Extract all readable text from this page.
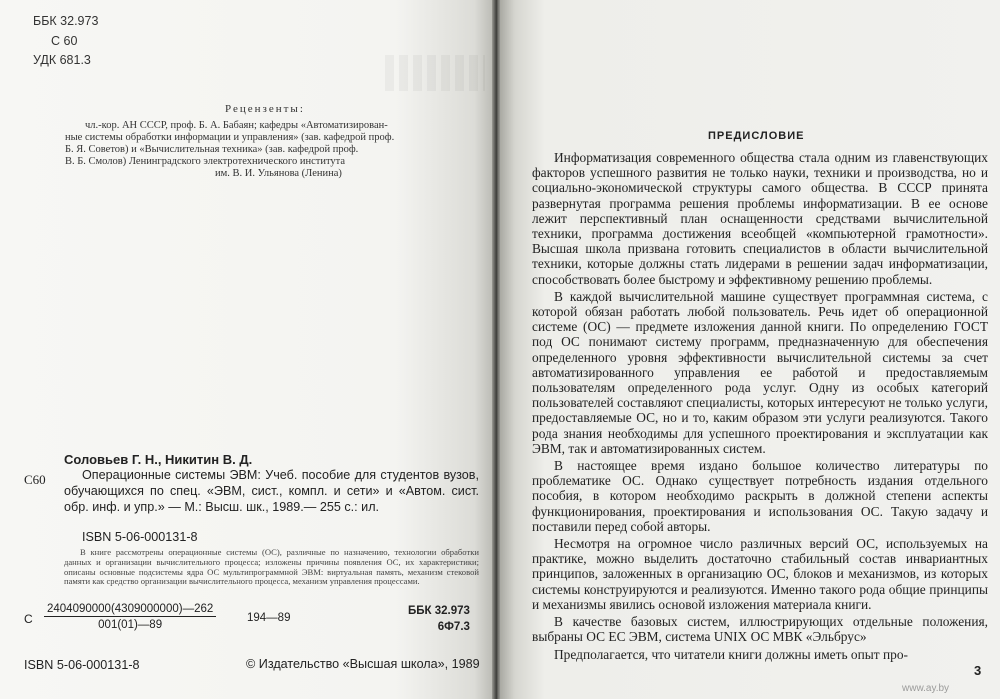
ББК 32.973
С 60
УДК 681.3
Рецензенты:
чл.-кор. АН СССР, проф. Б. А. Бабаян; кафедры «Автоматизирован-
ные системы обработки информации и управления» (зав. кафедрой проф.
Б. Я. Советов) и «Вычислительная техника» (зав. кафедрой проф.
В. Б. Смолов) Ленинградского электротехнического института
им. В. И. Ульянова (Ленина)
С60
Соловьев Г. Н., Никитин В. Д.
Операционные системы ЭВМ: Учеб. пособие для студентов вузов, обучающихся по спец. «ЭВМ, сист., компл. и сети» и «Автом. сист. обр. инф. и упр.» — М.: Высш. шк., 1989.— 255 с.: ил.
ISBN 5-06-000131-8
В книге рассмотрены операционные системы (ОС), различные по назначению, технологии обработки данных и организации вычислительного процесса; изложены причины появления ОС, их характеристики; описаны основные подсистемы ядра ОС мультипрограммной ЭВМ: виртуальная память, механизм стековой памяти как средство организации вычислительного процесса, механизм управления процессами.
С $\frac{2404090000(4309000000)—262}{001(01)—89}$	194—89
ББК 32.973
6Ф7.3
ISBN 5-06-000131-8	© Издательство «Высшая школа», 1989
ПРЕДИСЛОВИЕ

Информатизация современного общества стала одним из главенствующих факторов успешного развития не только науки, техники и производства, но и социально-экономической структуры самого общества. В СССР принята развернутая программа решения проблемы информатизации. В ее основе лежит перспективный план оснащенности средствами вычислительной техники, программа достижения всеобщей «компьютерной грамотности». Высшая школа призвана готовить специалистов в области вычислительной техники, которые должны стать лидерами в решении задач информатизации, способствовать более быстрому и эффективному решению проблемы.

В каждой вычислительной машине существует программная система, с которой обязан работать любой пользователь. Речь идет об операционной системе (ОС) — предмете изложения данной книги. По определению ГОСТ под ОС понимают систему программ, предназначенную для обеспечения определенного уровня эффективности вычислительной системы за счет автоматизированного управления ее работой и предоставляемым пользователям определенного рода услуг. Одну из особых категорий пользователей составляют специалисты, которых интересуют не только услуги, предоставляемые ОС, но и то, каким образом эти услуги реализуются. Такого рода знания необходимы для успешного проектирования и эксплуатации как ЭВМ, так и автоматизированных систем.

В настоящее время издано большое количество литературы по проблематике ОС. Однако существует потребность издания отдельного пособия, в котором необходимо раскрыть в должной степени аспекты функционирования, проектирования и использования ОС. Такую задачу и поставили перед собой авторы.

Несмотря на огромное число различных версий ОС, используемых на практике, можно выделить достаточно стабильный состав инвариантных принципов, заложенных в организацию ОС, блоков и механизмов, из которых системы конструируются и реализуются. Именно такого рода общие принципы и механизмы явились основой изложения материала книги.

В качестве базовых систем, иллюстрирующих отдельные положения, выбраны ОС ЕС ЭВМ, система UNIX ОС МВК «Эльбрус»

Предполагается, что читатели книги должны иметь опыт про-

3
www.ay.by
